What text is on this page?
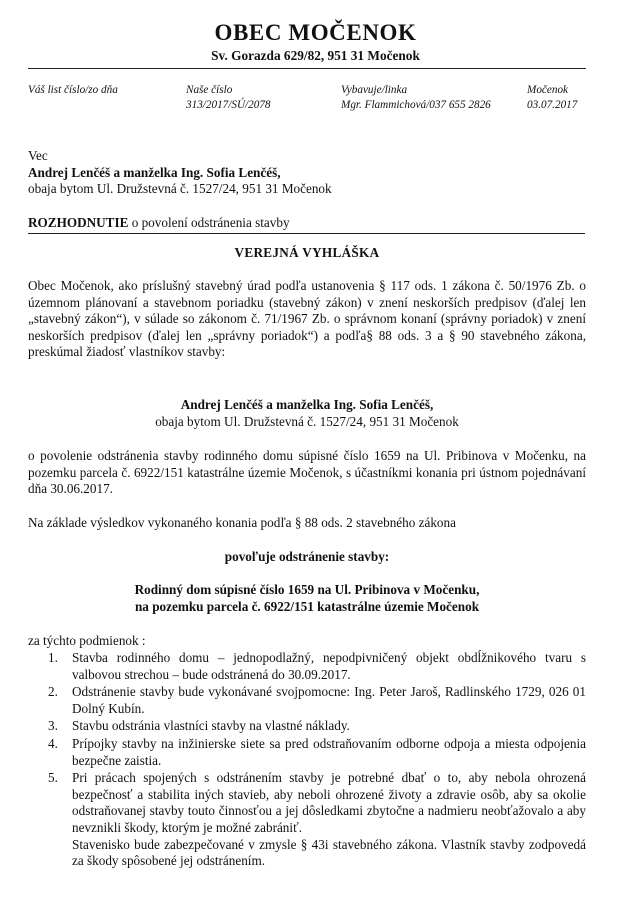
OBEC MOČENOK
Sv. Gorazda 629/82, 951 31 Močenok
Váš list číslo/zo dňa	Naše číslo
313/2017/SÚ/2078
Vybavuje/linka
Mgr. Flammichová/037 655 2826
Močenok
03.07.2017
Vec
Andrej Lenčéš a manželka Ing. Sofia Lenčéš,
obaja bytom Ul. Družstevná č. 1527/24, 951 31 Močenok
ROZHODNUTIE o povolení odstránenia stavby
VEREJNÁ VYHLÁŠKA
Obec Močenok, ako príslušný stavebný úrad podľa ustanovenia § 117 ods. 1 zákona č. 50/1976 Zb. o územnom plánovaní a stavebnom poriadku (stavebný zákon) v znení neskorších predpisov (ďalej len „stavebný zákon“), v súlade so zákonom č. 71/1967 Zb. o správnom konaní (správny poriadok) v znení neskorších predpisov (ďalej len „správny poriadok“) a podľa§ 88 ods. 3 a § 90 stavebného zákona, preskúmal žiadosť vlastníkov stavby:
Andrej Lenčéš a manželka Ing. Sofia Lenčéš,
obaja bytom Ul. Družstevná č. 1527/24, 951 31 Močenok
o povolenie odstránenia stavby rodinného domu súpisné číslo 1659 na Ul. Pribinova v Močenku, na pozemku parcela č. 6922/151 katastrálne územie Močenok, s účastníkmi konania pri ústnom pojednávaní dňa 30.06.2017.
Na základe výsledkov vykonaného konania podľa § 88 ods. 2 stavebného zákona
povoľuje odstránenie stavby:
Rodinný dom súpisné číslo 1659 na Ul. Pribinova v Močenku,
na pozemku parcela č. 6922/151 katastrálne územie Močenok
za týchto podmienok :
1. Stavba rodinného domu – jednopodlažný, nepodpivničený objekt obdĺžnikového tvaru s valbovou strechou – bude odstránená do 30.09.2017.
2. Odstránenie stavby bude vykonávané svojpomocne: Ing. Peter Jaroš, Radlinského 1729, 026 01 Dolný Kubín.
3. Stavbu odstránia vlastníci stavby na vlastné náklady.
4. Prípojky stavby na inžinierske siete sa pred odstraňovaním odborne odpoja a miesta odpojenia bezpečne zaistia.
5. Pri prácach spojených s odstránením stavby je potrebné dbať o to, aby nebola ohrozená bezpečnosť a stabilita iných stavieb, aby neboli ohrozené životy a zdravie osôb, aby sa okolie odstraňovanej stavby touto činnosťou a jej dôsledkami zbytočne a nadmieru neobťažovalo a aby nevznikli škody, ktorým je možné zabrániť.
Stavenisko bude zabezpečované v zmysle § 43i stavebného zákona. Vlastník stavby zodpovedá za škody spôsobené jej odstránením.
